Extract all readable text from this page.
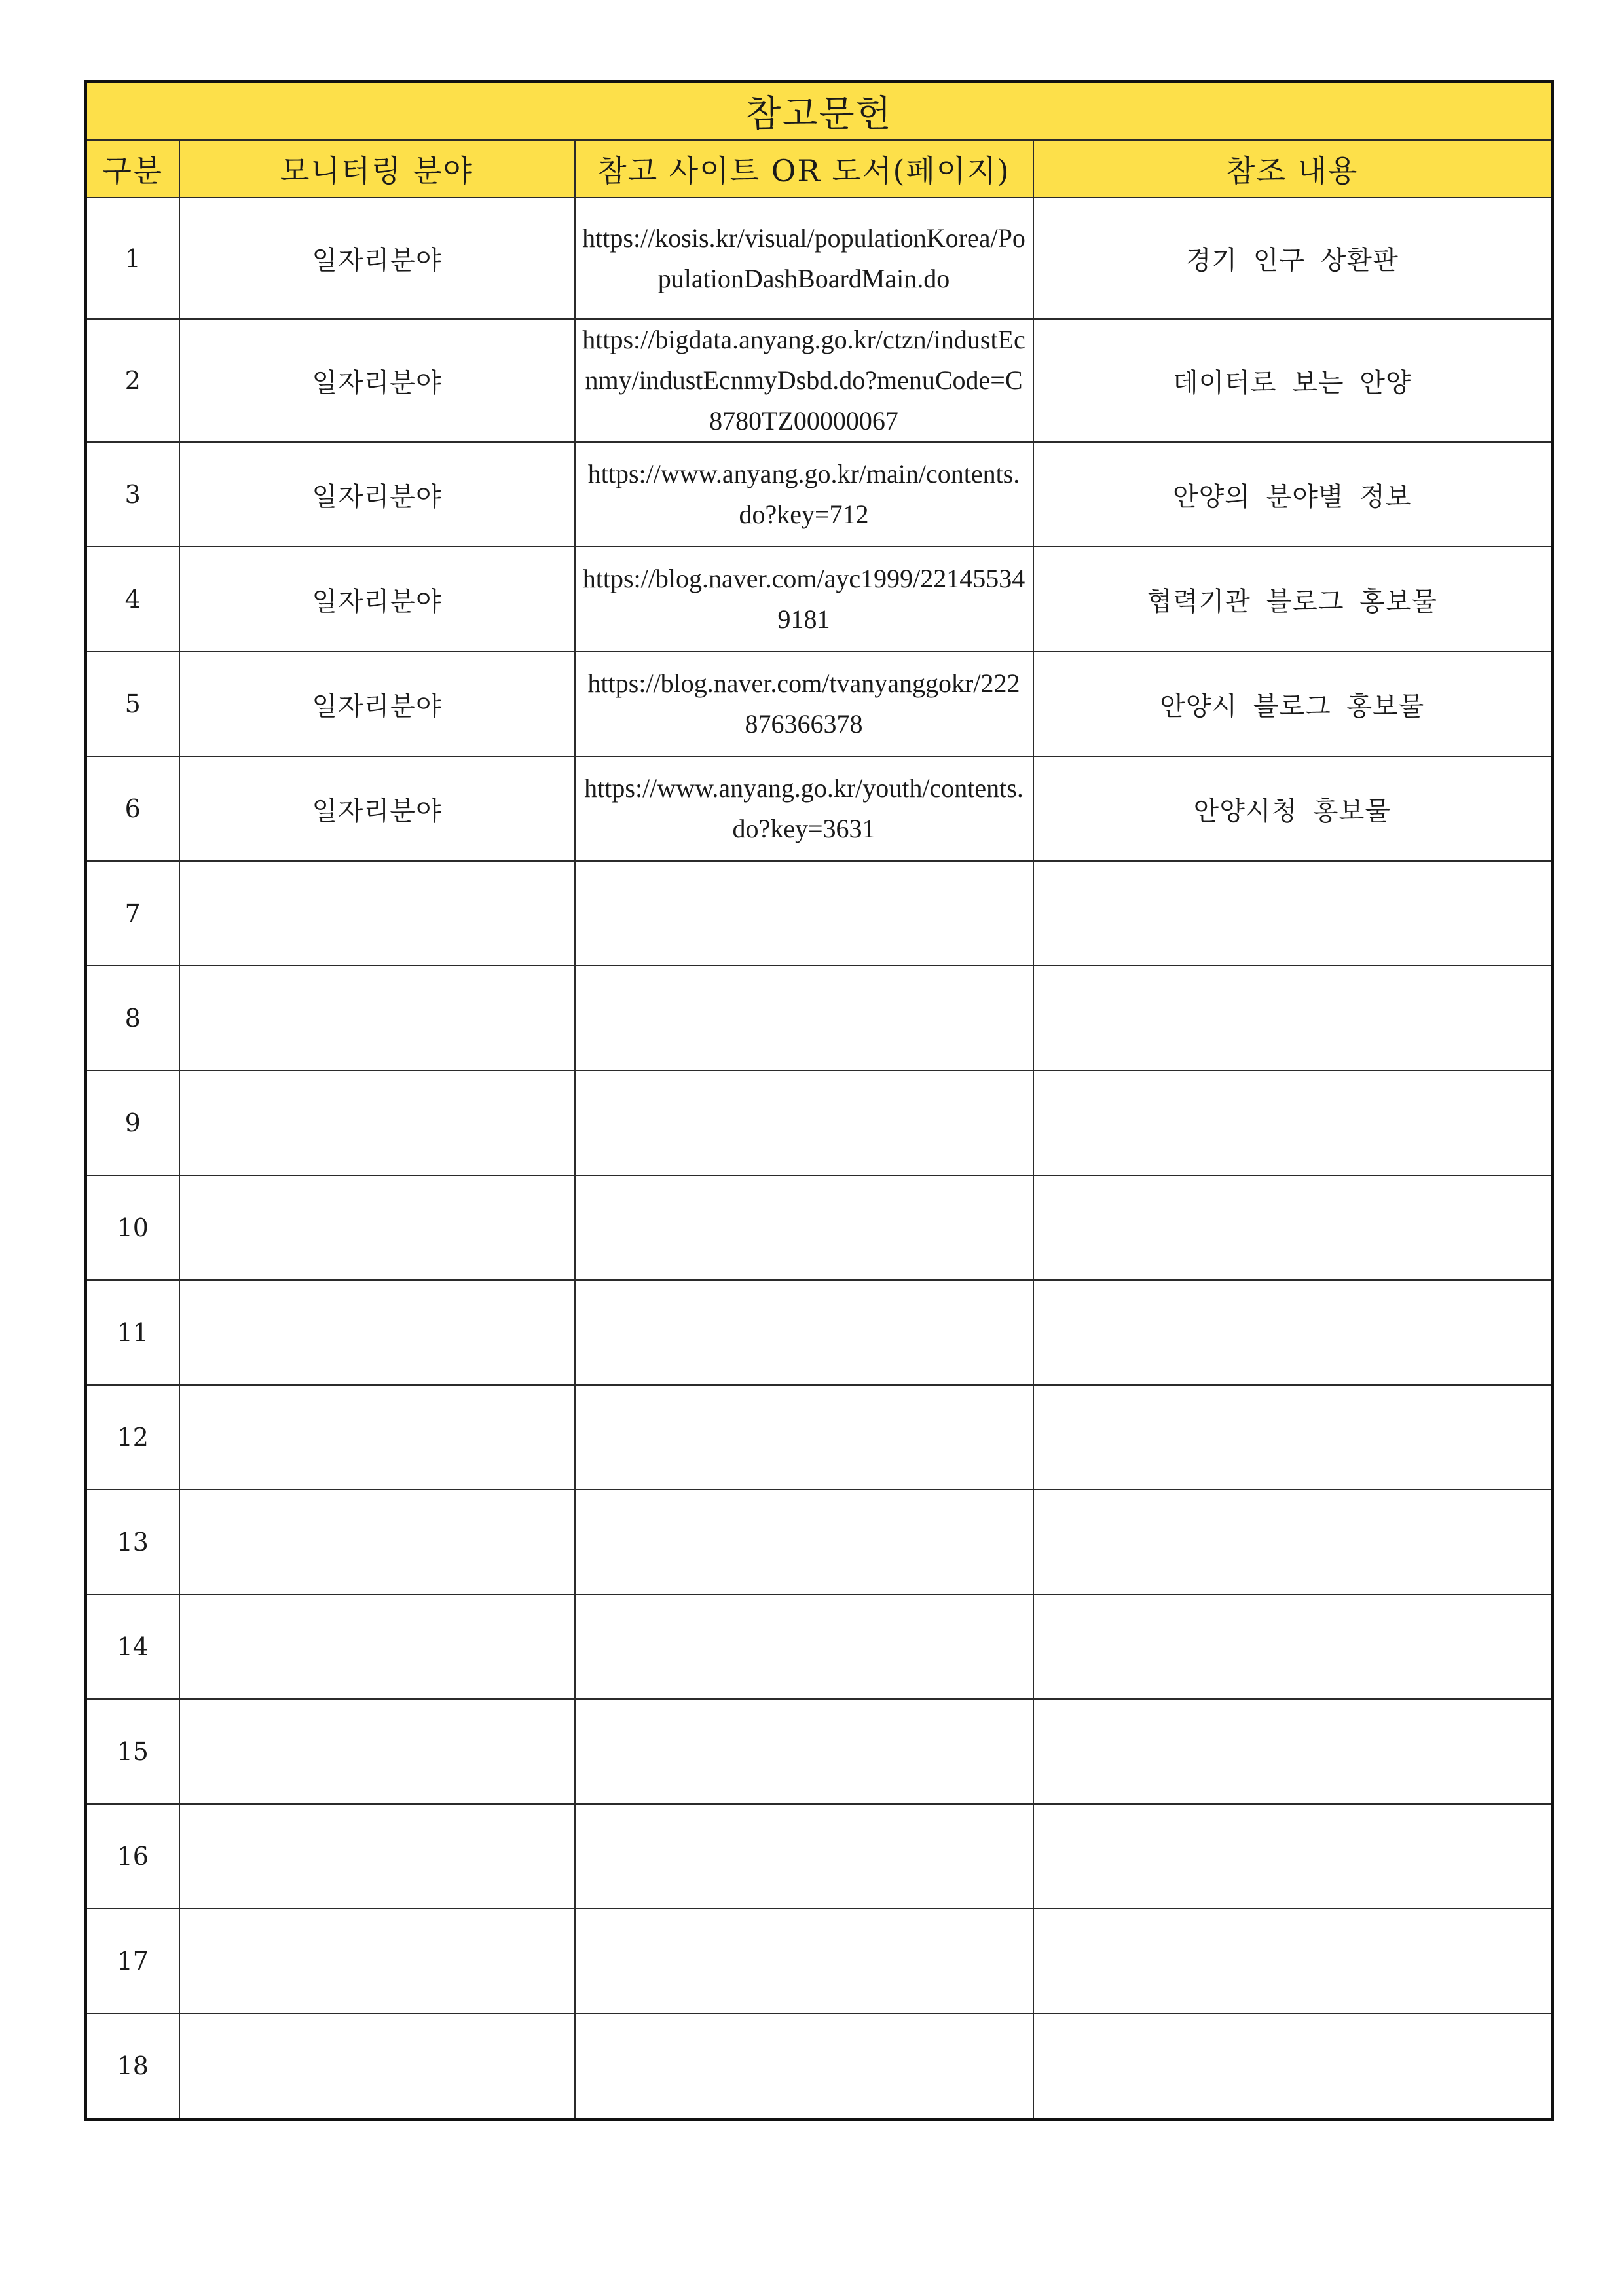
참고문헌			
구분	모니터링 분야	참고 사이트 OR 도서(페이지)	참조 내용
1	일자리분야	https://kosis.kr/visual/populationKorea/PopulationDashBoardMain.do	경기 인구 상환판
2	일자리분야	https://bigdata.anyang.go.kr/ctzn/industEcnmy/industEcnmyDsbd.do?menuCode=C8780TZ00000067	데이터로 보는 안양
3	일자리분야	https://www.anyang.go.kr/main/contents.do?key=712	안양의 분야별 정보
4	일자리분야	https://blog.naver.com/ayc1999/221455349181	협력기관 블로그 홍보물
5	일자리분야	https://blog.naver.com/tvanyanggokr/222876366378	안양시 블로그 홍보물
6	일자리분야	https://www.anyang.go.kr/youth/contents.do?key=3631	안양시청 홍보물
7			
8			
9			
10			
11			
12			
13			
14			
15			
16			
17			
18			
